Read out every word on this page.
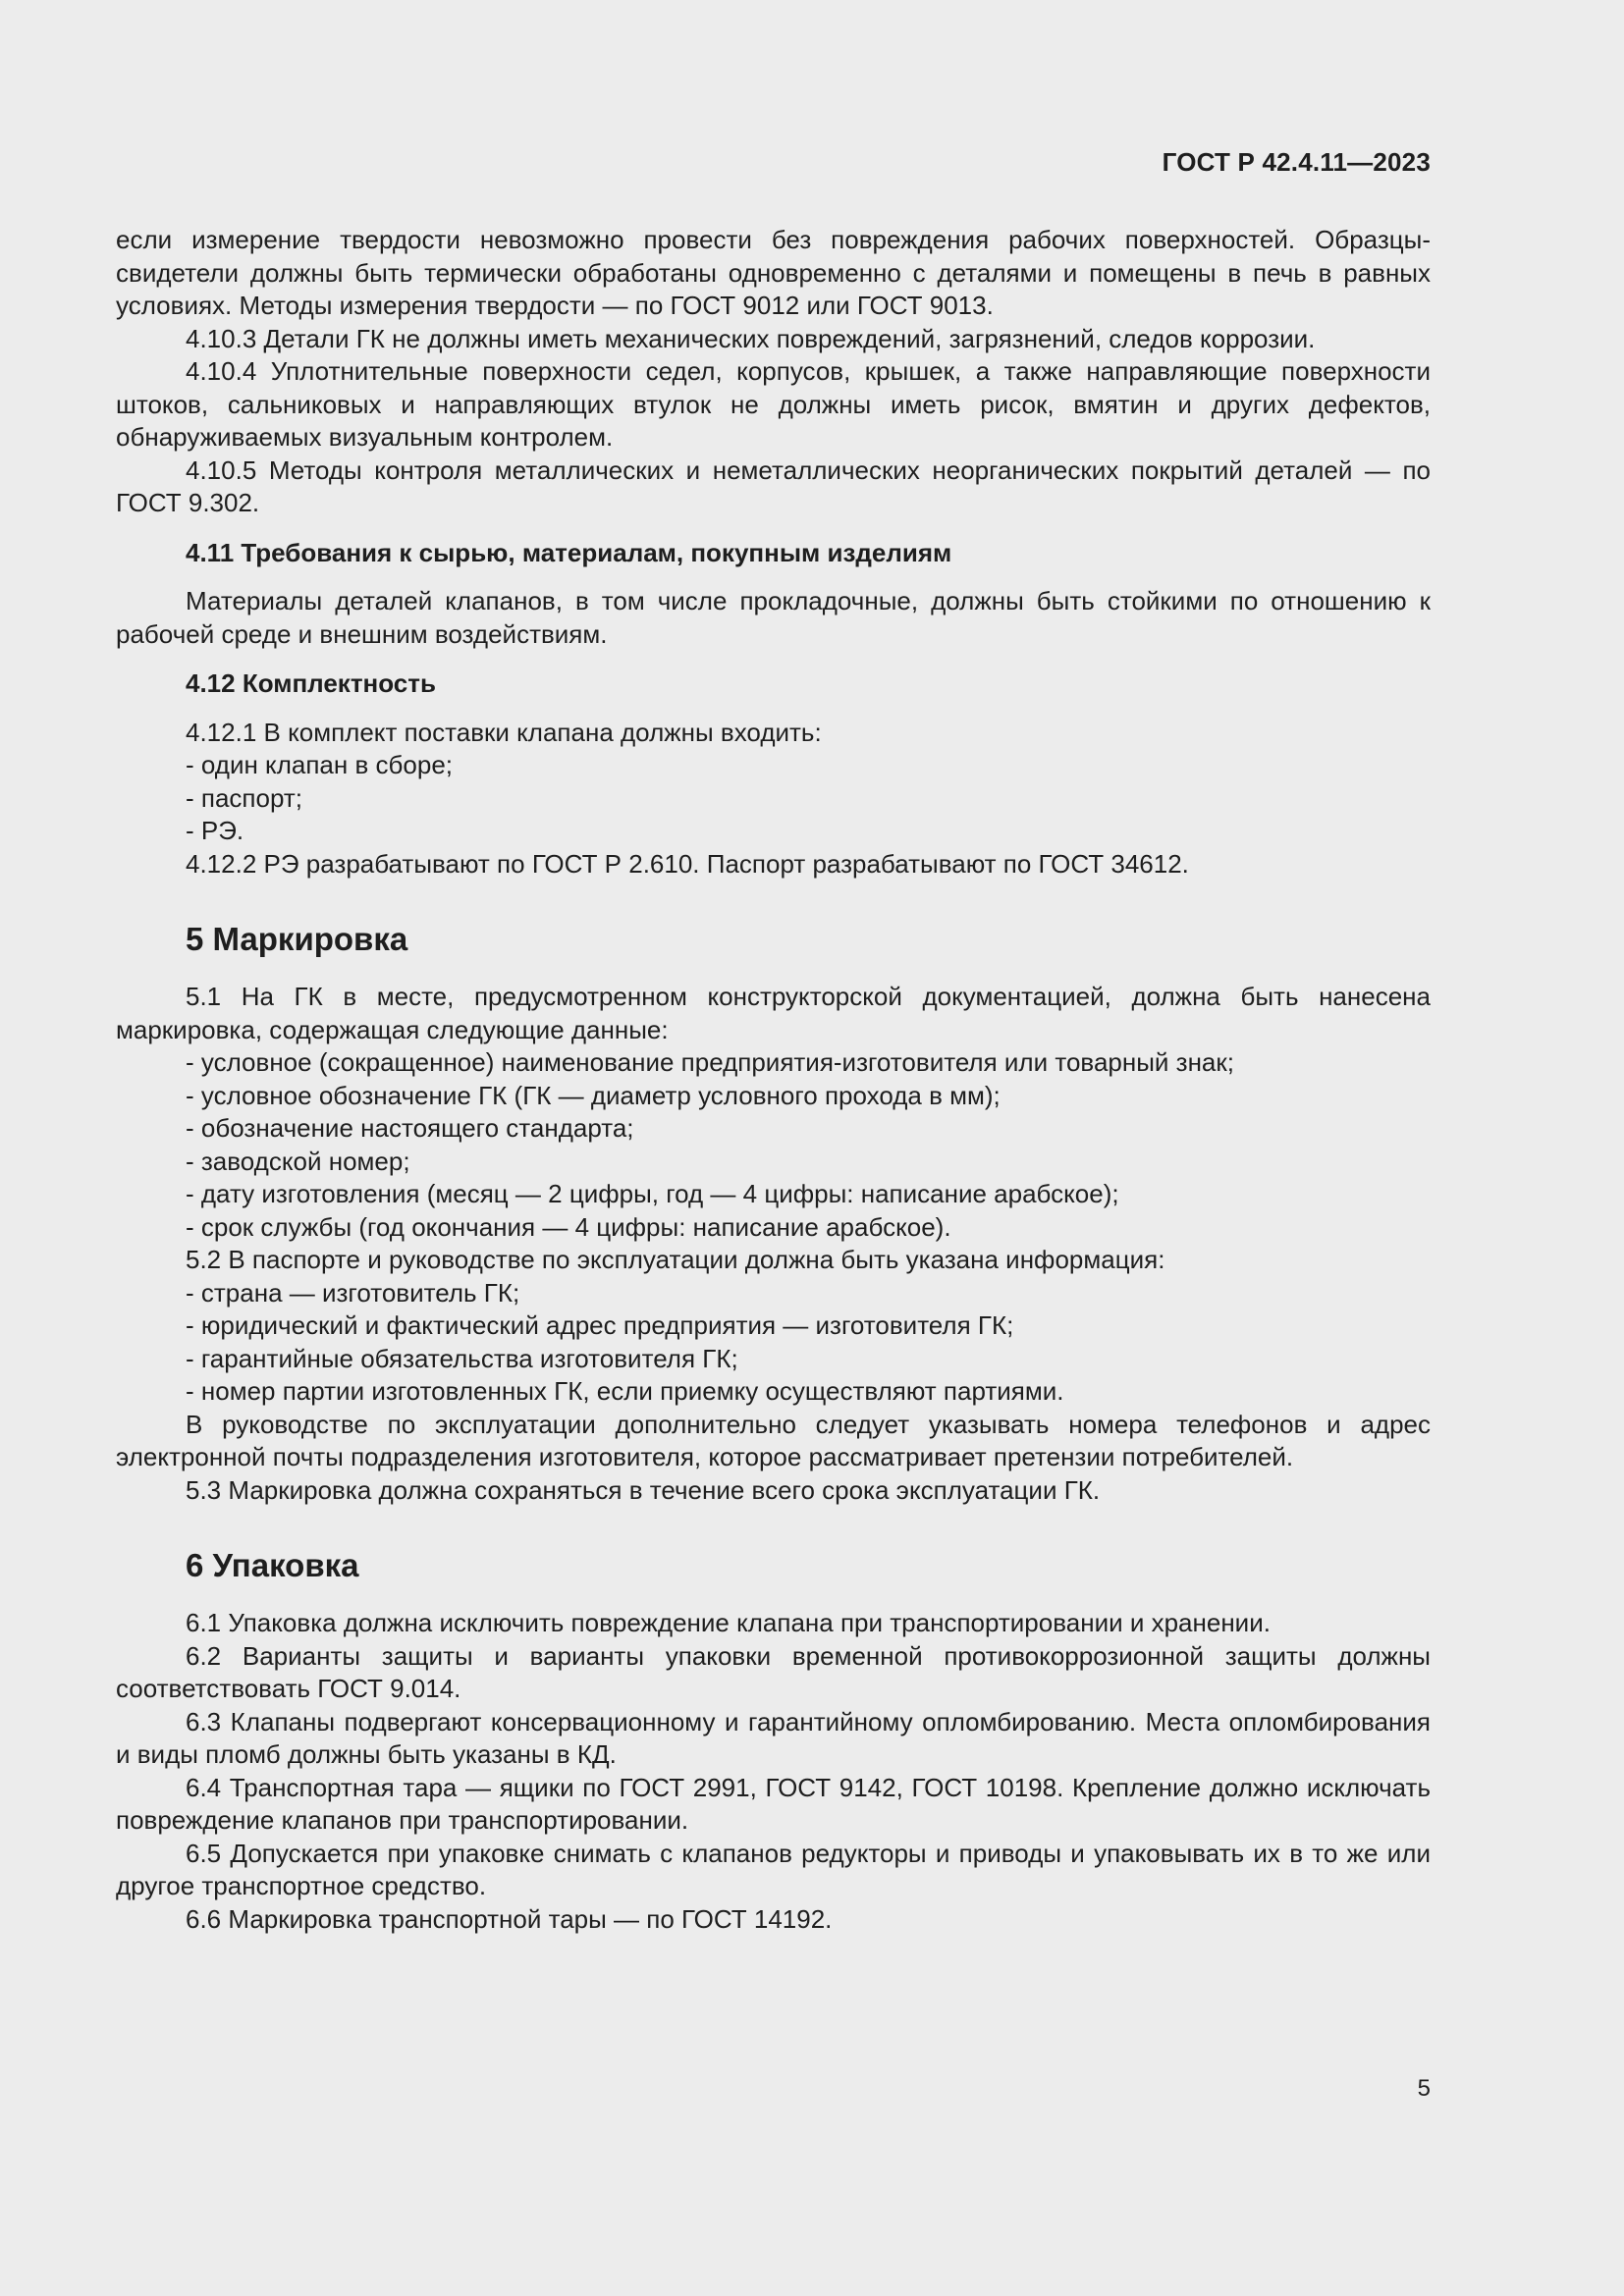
ГОСТ Р 42.4.11—2023

если измерение твердости невозможно провести без повреждения рабочих поверхностей. Образцы-свидетели должны быть термически обработаны одновременно с деталями и помещены в печь в равных условиях. Методы измерения твердости — по ГОСТ 9012 или ГОСТ 9013.

4.10.3 Детали ГК не должны иметь механических повреждений, загрязнений, следов коррозии.

4.10.4 Уплотнительные поверхности седел, корпусов, крышек, а также направляющие поверхности штоков, сальниковых и направляющих втулок не должны иметь рисок, вмятин и других дефектов, обнаруживаемых визуальным контролем.

4.10.5 Методы контроля металлических и неметаллических неорганических покрытий деталей — по ГОСТ 9.302.

4.11 Требования к сырью, материалам, покупным изделиям

Материалы деталей клапанов, в том числе прокладочные, должны быть стойкими по отношению к рабочей среде и внешним воздействиям.

4.12 Комплектность

4.12.1 В комплект поставки клапана должны входить:

- один клапан в сборе;

- паспорт;

- РЭ.

4.12.2 РЭ разрабатывают по ГОСТ Р 2.610. Паспорт разрабатывают по ГОСТ 34612.

5 Маркировка

5.1 На ГК в месте, предусмотренном конструкторской документацией, должна быть нанесена маркировка, содержащая следующие данные:

- условное (сокращенное) наименование предприятия-изготовителя или товарный знак;

- условное обозначение ГК (ГК — диаметр условного прохода в мм);

- обозначение настоящего стандарта;

- заводской номер;

- дату изготовления (месяц — 2 цифры, год — 4 цифры: написание арабское);

- срок службы (год окончания — 4 цифры: написание арабское).

5.2 В паспорте и руководстве по эксплуатации должна быть указана информация:

- страна — изготовитель ГК;

- юридический и фактический адрес предприятия — изготовителя ГК;

- гарантийные обязательства изготовителя ГК;

- номер партии изготовленных ГК, если приемку осуществляют партиями.

В руководстве по эксплуатации дополнительно следует указывать номера телефонов и адрес электронной почты подразделения изготовителя, которое рассматривает претензии потребителей.

5.3 Маркировка должна сохраняться в течение всего срока эксплуатации ГК.

6 Упаковка

6.1 Упаковка должна исключить повреждение клапана при транспортировании и хранении.

6.2 Варианты защиты и варианты упаковки временной противокоррозионной защиты должны соответствовать ГОСТ 9.014.

6.3 Клапаны подвергают консервационному и гарантийному опломбированию. Места опломбирования и виды пломб должны быть указаны в КД.

6.4 Транспортная тара — ящики по ГОСТ 2991, ГОСТ 9142, ГОСТ 10198. Крепление должно исключать повреждение клапанов при транспортировании.

6.5 Допускается при упаковке снимать с клапанов редукторы и приводы и упаковывать их в то же или другое транспортное средство.

6.6 Маркировка транспортной тары — по ГОСТ 14192.

5
